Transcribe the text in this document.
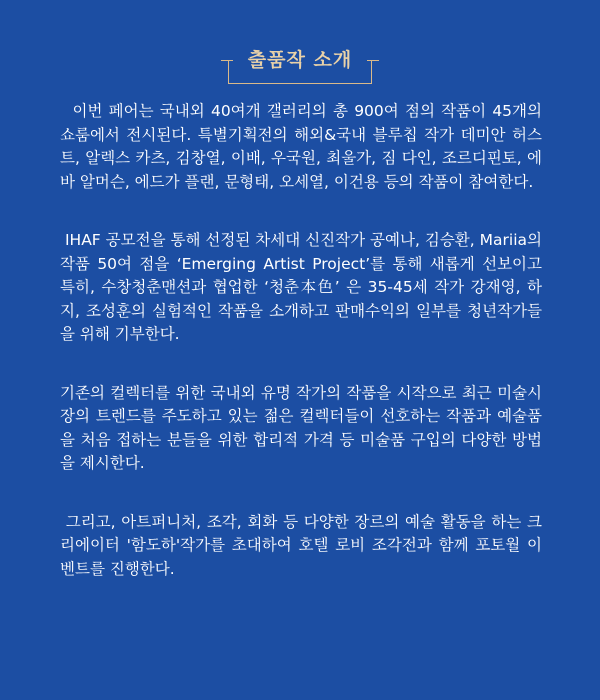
출품작 소개

이번 페어는 국내외 40여개 갤러리의 총 900여 점의 작품이 45개의 쇼룸에서 전시된다. 특별기획전의 해외&국내 블루칩 작가 데미안 허스트, 알렉스 카츠, 김창열, 이배, 우국원, 최울가, 짐 다인, 조르디핀토, 에바 알머슨, 에드가 플랜, 문형태, 오세열, 이건용 등의 작품이 참여한다.

IHAF 공모전을 통해 선정된 차세대 신진작가 공예나, 김승환, Mariia의 작품 50여 점을 ‘Emerging Artist Project’를 통해 새롭게 선보이고 특히, 수창청춘맨션과 협업한 ‘청춘本色’ 은 35-45세 작가 강재영, 하지, 조성훈의 실험적인 작품을 소개하고 판매수익의 일부를 청년작가들을 위해 기부한다.

기존의 컬렉터를 위한 국내외 유명 작가의 작품을 시작으로 최근 미술시장의 트렌드를 주도하고 있는 젊은 컬렉터들이 선호하는 작품과 예술품을 처음 접하는 분들을 위한 합리적 가격 등 미술품 구입의 다양한 방법을 제시한다.

그리고, 아트퍼니처, 조각, 회화 등 다양한 장르의 예술 활동을 하는 크리에이터 '함도하'작가를 초대하여 호텔 로비 조각전과 함께 포토월 이벤트를 진행한다.
